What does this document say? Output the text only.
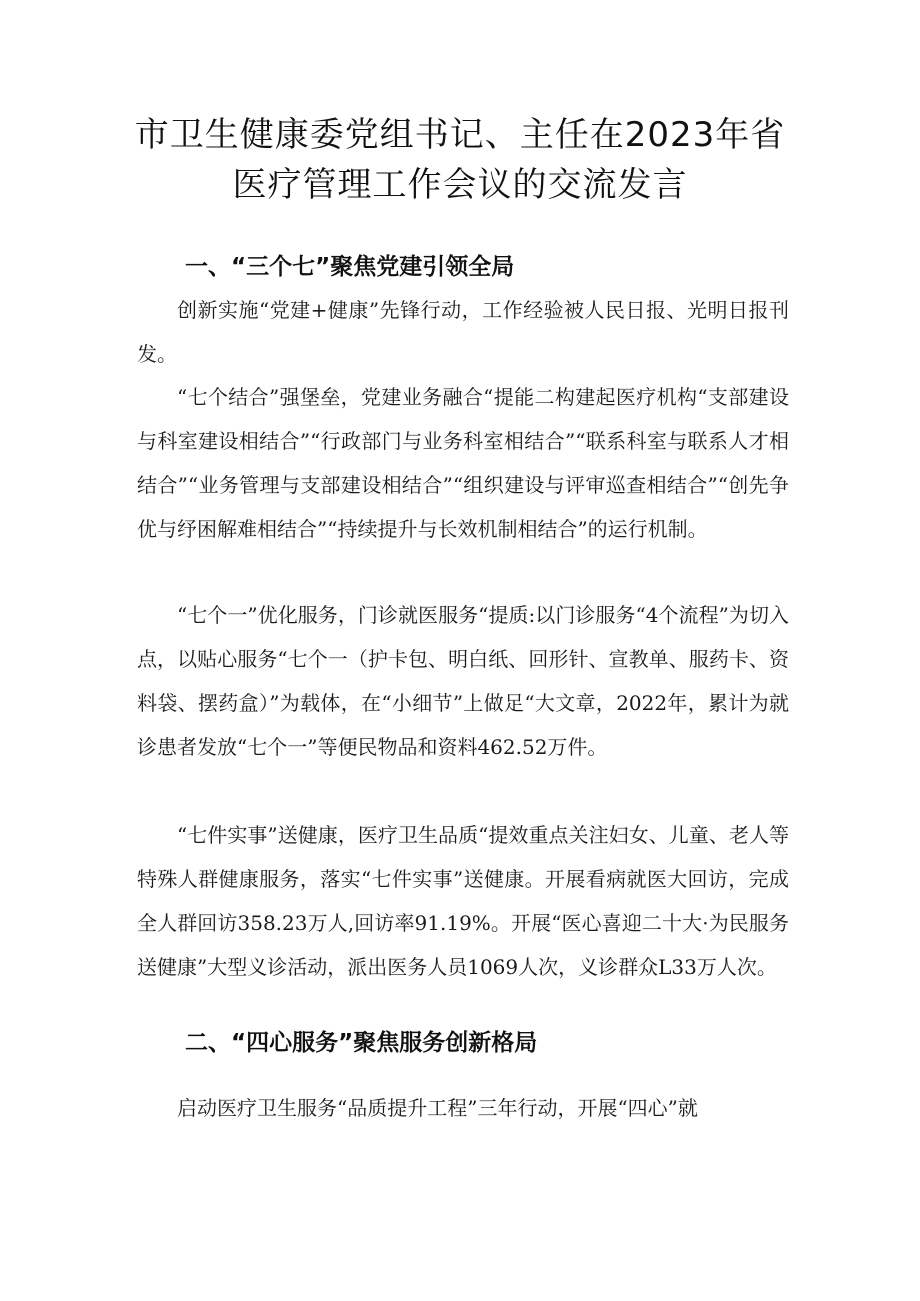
市卫生健康委党组书记、主任在2023年省
医疗管理工作会议的交流发言
一、“三个七”聚焦党建引领全局

创新实施“党建+健康”先锋行动，工作经验被人民日报、光明日报刊发。

“七个结合”强堡垒，党建业务融合“提能二构建起医疗机构“支部建设与科室建设相结合”“行政部门与业务科室相结合”“联系科室与联系人才相结合”“业务管理与支部建设相结合”“组织建设与评审巡查相结合”“创先争优与纾困解难相结合”“持续提升与长效机制相结合”的运行机制。

“七个一”优化服务，门诊就医服务“提质:以门诊服务“4个流程”为切入点，以贴心服务“七个一（护卡包、明白纸、回形针、宣教单、服药卡、资料袋、摆药盒）”为载体，在“小细节”上做足“大文章，2022年，累计为就诊患者发放“七个一”等便民物品和资料462.52万件。

“七件实事”送健康，医疗卫生品质“提效重点关注妇女、儿童、老人等特殊人群健康服务，落实“七件实事”送健康。开展看病就医大回访，完成全人群回访358.23万人,回访率91.19%。开展“医心喜迎二十大·为民服务送健康”大型义诊活动，派出医务人员1069人次，义诊群众L33万人次。

二、“四心服务”聚焦服务创新格局

启动医疗卫生服务“品质提升工程”三年行动，开展“四心”就
